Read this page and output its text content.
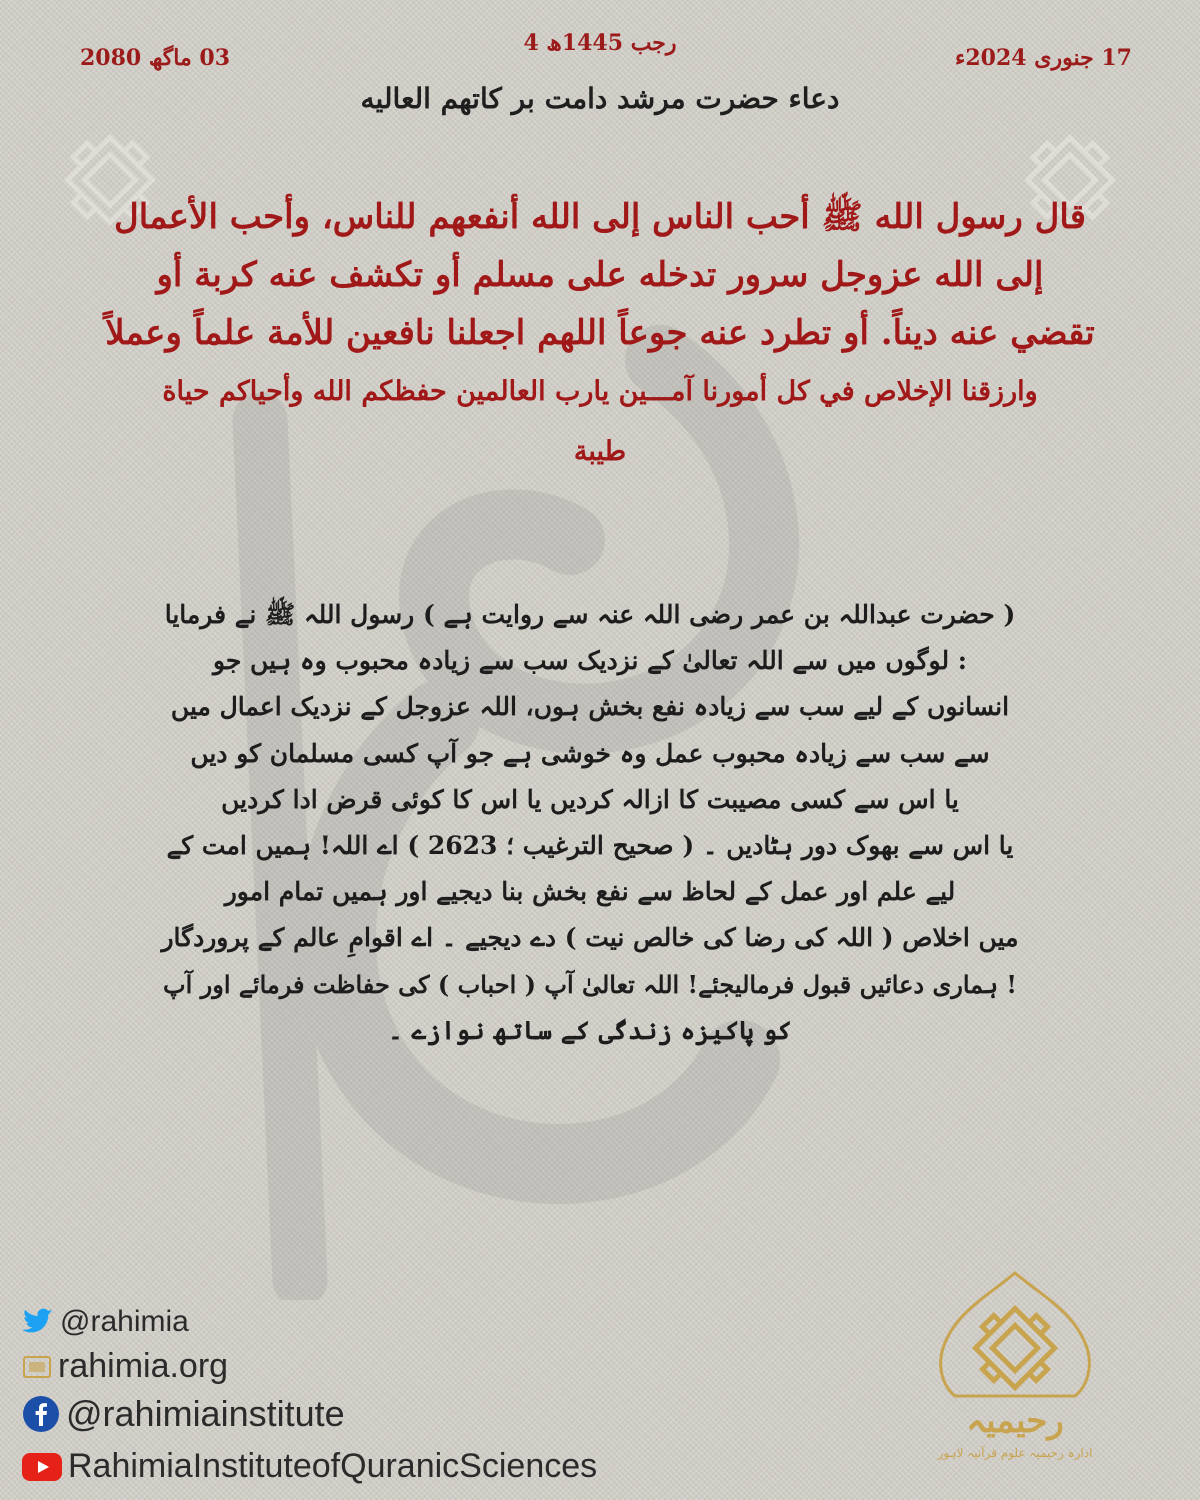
4 رجب 1445ھ
17 جنوری 2024ء
03 ماگھ 2080
دعاء حضرت مرشد دامت بر کاتھم العالیه
قال رسول الله ﷺ أحب الناس إلى الله أنفعهم للناس، وأحب الأعمال
إلى الله عزوجل سرور تدخله على مسلم أو تكشف عنه كربة أو
تقضي عنه ديناً. أو تطرد عنه جوعاً اللهم اجعلنا نافعين للأمة علماً وعملاً
وارزقنا الإخلاص في كل أمورنا آمـــين يارب العالمين حفظكم الله وأحياكم حياة
طيبة
( حضرت عبداللہ بن عمر رضی اللہ عنہ سے روایت ہے ) رسول اللہ ﷺ نے فرمایا
: لوگوں میں سے اللہ تعالیٰ کے نزدیک سب سے زیادہ محبوب وہ ہیں جو
انسانوں کے لیے سب سے زیادہ نفع بخش ہوں، اللہ عزوجل کے نزدیک اعمال میں
سے سب سے زیادہ محبوب عمل وہ خوشی ہے جو آپ کسی مسلمان کو دیں
یا اس سے کسی مصیبت کا ازالہ کردیں یا اس کا کوئی قرض ادا کردیں
یا اس سے بھوک دور ہٹادیں ۔ ( صحیح الترغیب ؛ 2623 ) اے اللہ! ہمیں امت کے
لیے علم اور عمل کے لحاظ سے نفع بخش بنا دیجیے اور ہمیں تمام امور
میں اخلاص ( اللہ کی رضا کی خالص نیت ) دے دیجیے ۔ اے اقوامِ عالم کے پروردگار
! ہماری دعائیں قبول فرمالیجئے! اللہ تعالیٰ آپ ( احباب ) کی حفاظت فرمائے اور آپ
کو پاکیزہ زندگی کے ساتھ نوازے ۔
@rahimia
rahimia.org
@rahimiainstitute
RahimiaInstituteofQuranicSciences
رحیمیہ
ادارہ رحیمیہ علوم قرآنیہ لاہور
